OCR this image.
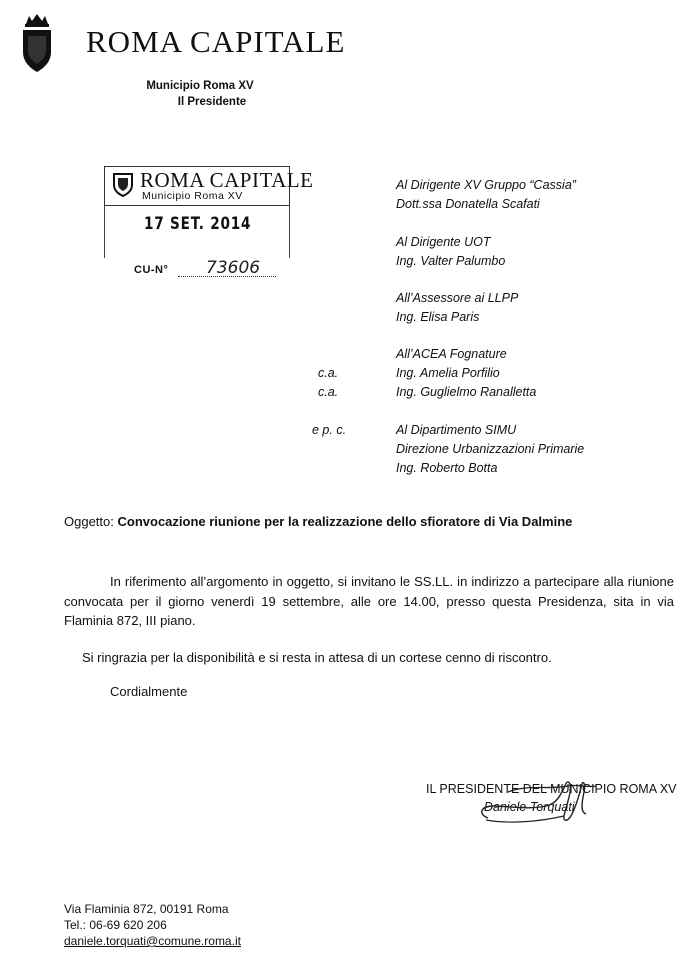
ROMA CAPITALE
Municipio Roma XV
Il Presidente
ROMA CAPITALE
Municipio Roma XV
17 SET. 2014
CU-N° 73606
Al Dirigente XV Gruppo “Cassia”
Dott.ssa Donatella Scafati
Al Dirigente UOT
Ing. Valter Palumbo
All’Assessore ai LLPP
Ing. Elisa Paris
All’ACEA Fognature
c.a.	Ing. Amelia Porfilio
c.a.	Ing. Guglielmo Ranalletta
e p. c.	Al Dipartimento SIMU
Direzione Urbanizzazioni Primarie
Ing. Roberto Botta
Oggetto: Convocazione riunione per la realizzazione dello sfioratore di Via Dalmine
In riferimento all’argomento in oggetto, si invitano le SS.LL. in indirizzo a partecipare alla riunione convocata per il giorno venerdì 19 settembre, alle ore 14.00, presso questa Presidenza, sita in via Flaminia 872, III piano.
Si ringrazia per la disponibilità e si resta in attesa di un cortese cenno di riscontro.
Cordialmente
IL PRESIDENTE DEL MUNICIPIO ROMA XV
Daniele Torquati
Via Flaminia 872, 00191 Roma
Tel.: 06-69 620 206
daniele.torquati@comune.roma.it
